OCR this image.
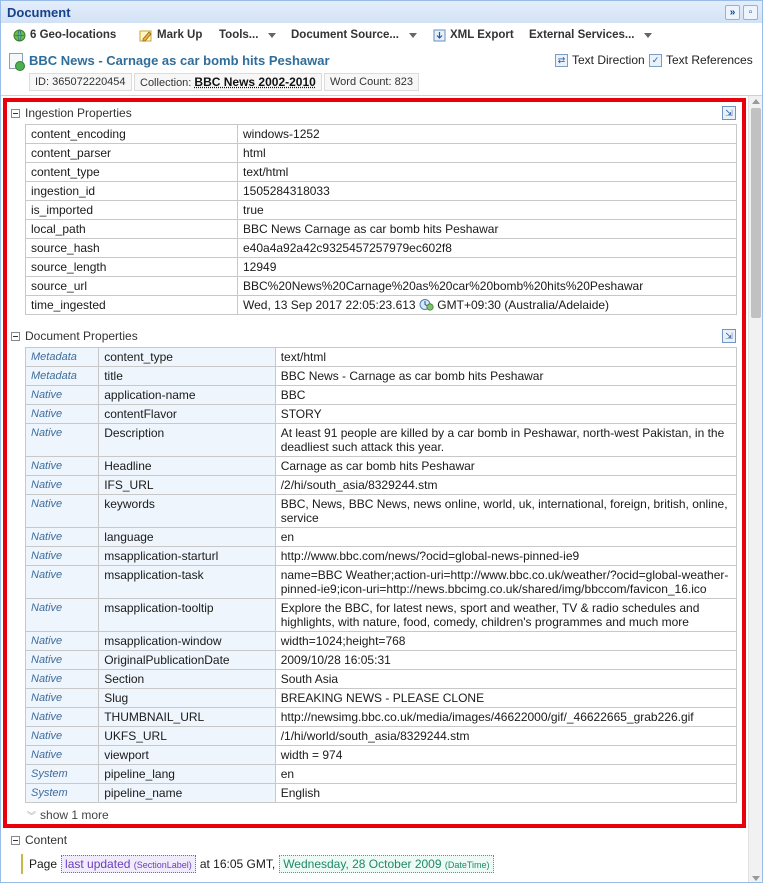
Document	»	▫
6 Geo-locations	Mark Up Tools...	Document Source...	XML Export External Services...
BBC News - Carnage as car bomb hits Peshawar
ID: 365072220454	Collection: BBC News 2002-2010	Word Count: 823
⇄ Text Direction ✓ Text References
Ingestion Properties	⇲
content_encoding	windows-1252
content_parser	html
content_type	text/html
ingestion_id	1505284318033
is_imported	true
local_path	BBC News Carnage as car bomb hits Peshawar
source_hash	e40a4a92a42c9325457257979ec602f8
source_length	12949
source_url	BBC%20News%20Carnage%20as%20car%20bomb%20hits%20Peshawar
time_ingested	Wed, 13 Sep 2017 22:05:23.613 GMT+09:30 (Australia/Adelaide)
Document Properties	⇲
Metadata	content_type	text/html
Metadata	title	BBC News - Carnage as car bomb hits Peshawar
Native	application-name	BBC
Native	contentFlavor	STORY
Native	Description	At least 91 people are killed by a car bomb in Peshawar, north-west Pakistan, in the deadliest such attack this year.
Native	Headline	Carnage as car bomb hits Peshawar
Native	IFS_URL	/2/hi/south_asia/8329244.stm
Native	keywords	BBC, News, BBC News, news online, world, uk, international, foreign, british, online, service
Native	language	en
Native	msapplication-starturl	http://www.bbc.com/news/?ocid=global-news-pinned-ie9
Native	msapplication-task	name=BBC Weather;action-uri=http://www.bbc.co.uk/weather/?ocid=global-weather-pinned-ie9;icon-uri=http://news.bbcimg.co.uk/shared/img/bbccom/favicon_16.ico
Native	msapplication-tooltip	Explore the BBC, for latest news, sport and weather, TV & radio schedules and highlights, with nature, food, comedy, children's programmes and much more
Native	msapplication-window	width=1024;height=768
Native	OriginalPublicationDate	2009/10/28 16:05:31
Native	Section	South Asia
Native	Slug	BREAKING NEWS - PLEASE CLONE
Native	THUMBNAIL_URL	http://newsimg.bbc.co.uk/media/images/46622000/gif/_46622665_grab226.gif
Native	UKFS_URL	/1/hi/world/south_asia/8329244.stm
Native	viewport	width = 974
System	pipeline_lang	en
System	pipeline_name	English
︾ show 1 more
Content
Page last updated (SectionLabel) at 16:05 GMT, Wednesday, 28 October 2009 (DateTime)
